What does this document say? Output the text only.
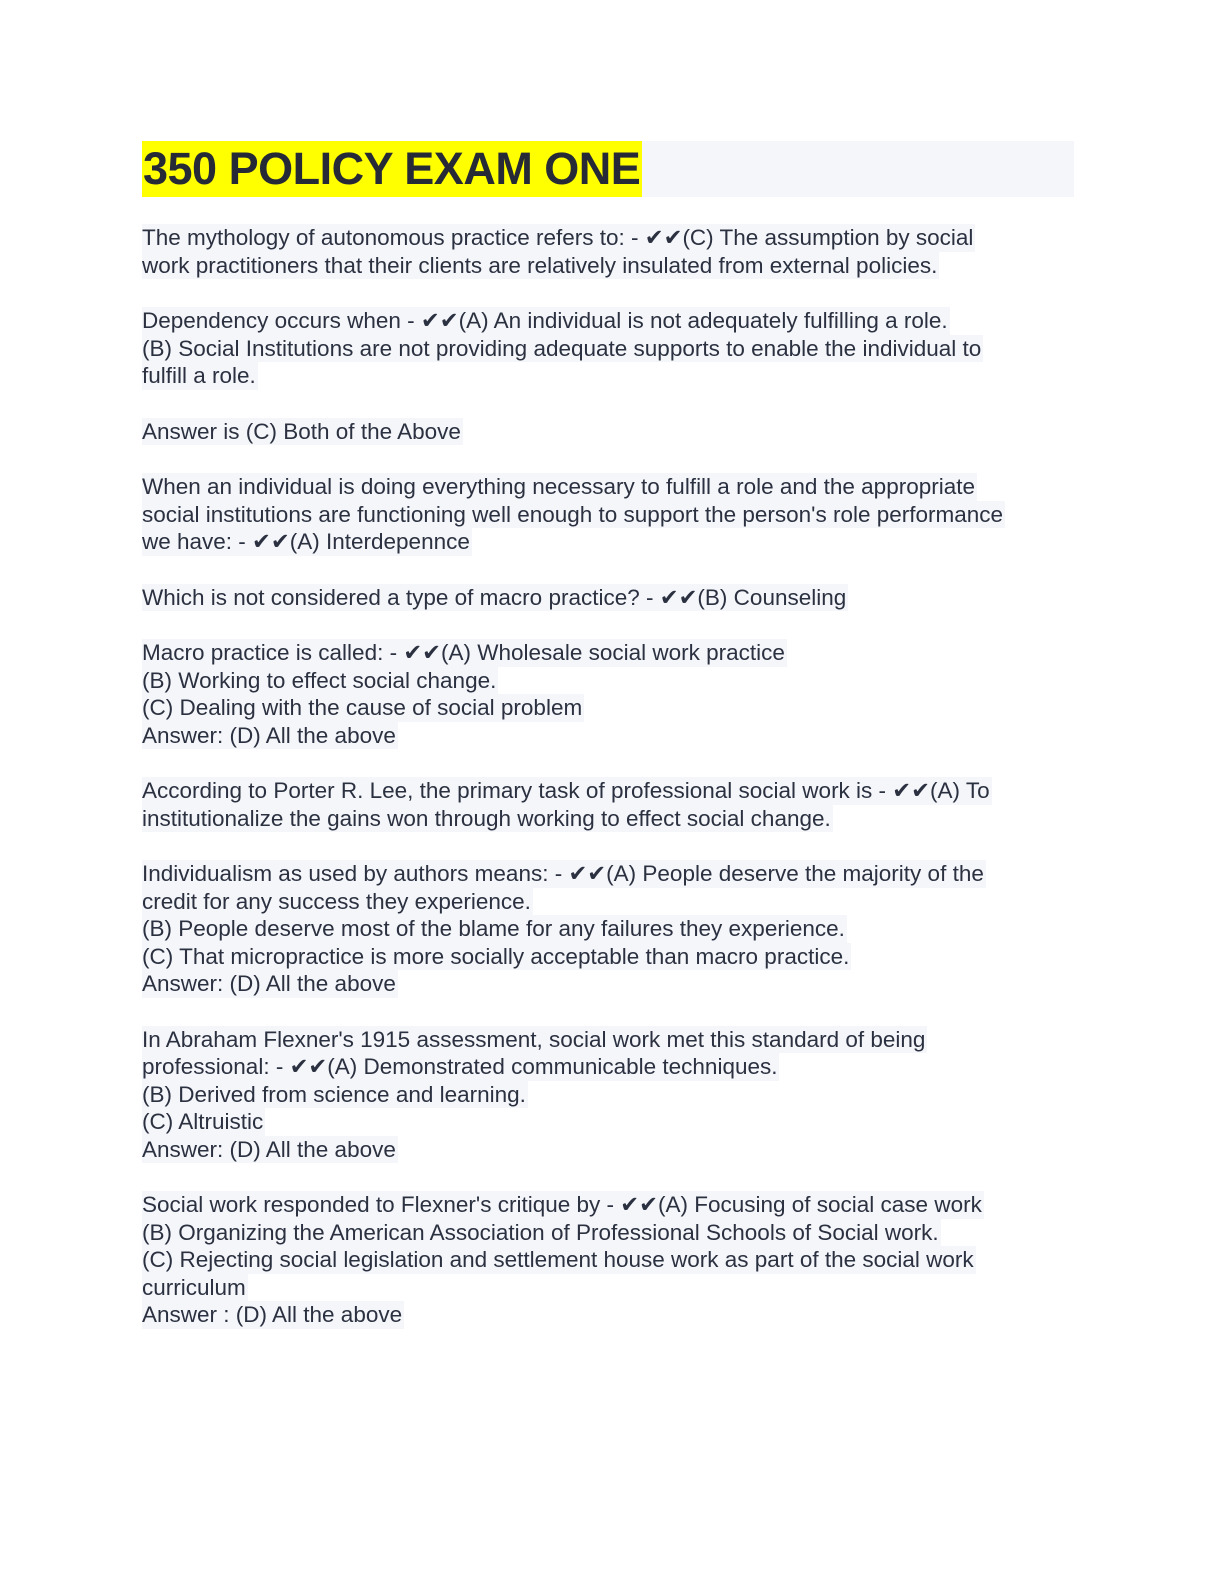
350 POLICY EXAM ONE
The mythology of autonomous practice refers to: - ✔✔(C) The assumption by social
work practitioners that their clients are relatively insulated from external policies.
Dependency occurs when - ✔✔(A) An individual is not adequately fulfilling a role.
(B) Social Institutions are not providing adequate supports to enable the individual to
fulfill a role.
Answer is (C) Both of the Above
When an individual is doing everything necessary to fulfill a role and the appropriate
social institutions are functioning well enough to support the person's role performance
we have: - ✔✔(A) Interdepennce
Which is not considered a type of macro practice? - ✔✔(B) Counseling
Macro practice is called: - ✔✔(A) Wholesale social work practice
(B) Working to effect social change.
(C) Dealing with the cause of social problem
Answer: (D) All the above
According to Porter R. Lee, the primary task of professional social work is - ✔✔(A) To
institutionalize the gains won through working to effect social change.
Individualism as used by authors means: - ✔✔(A) People deserve the majority of the
credit for any success they experience.
(B) People deserve most of the blame for any failures they experience.
(C) That micropractice is more socially acceptable than macro practice.
Answer: (D) All the above
In Abraham Flexner's 1915 assessment, social work met this standard of being
professional: - ✔✔(A) Demonstrated communicable techniques.
(B) Derived from science and learning.
(C) Altruistic
Answer: (D) All the above
Social work responded to Flexner's critique by - ✔✔(A) Focusing of social case work
(B) Organizing the American Association of Professional Schools of Social work.
(C) Rejecting social legislation and settlement house work as part of the social work
curriculum
Answer : (D) All the above
